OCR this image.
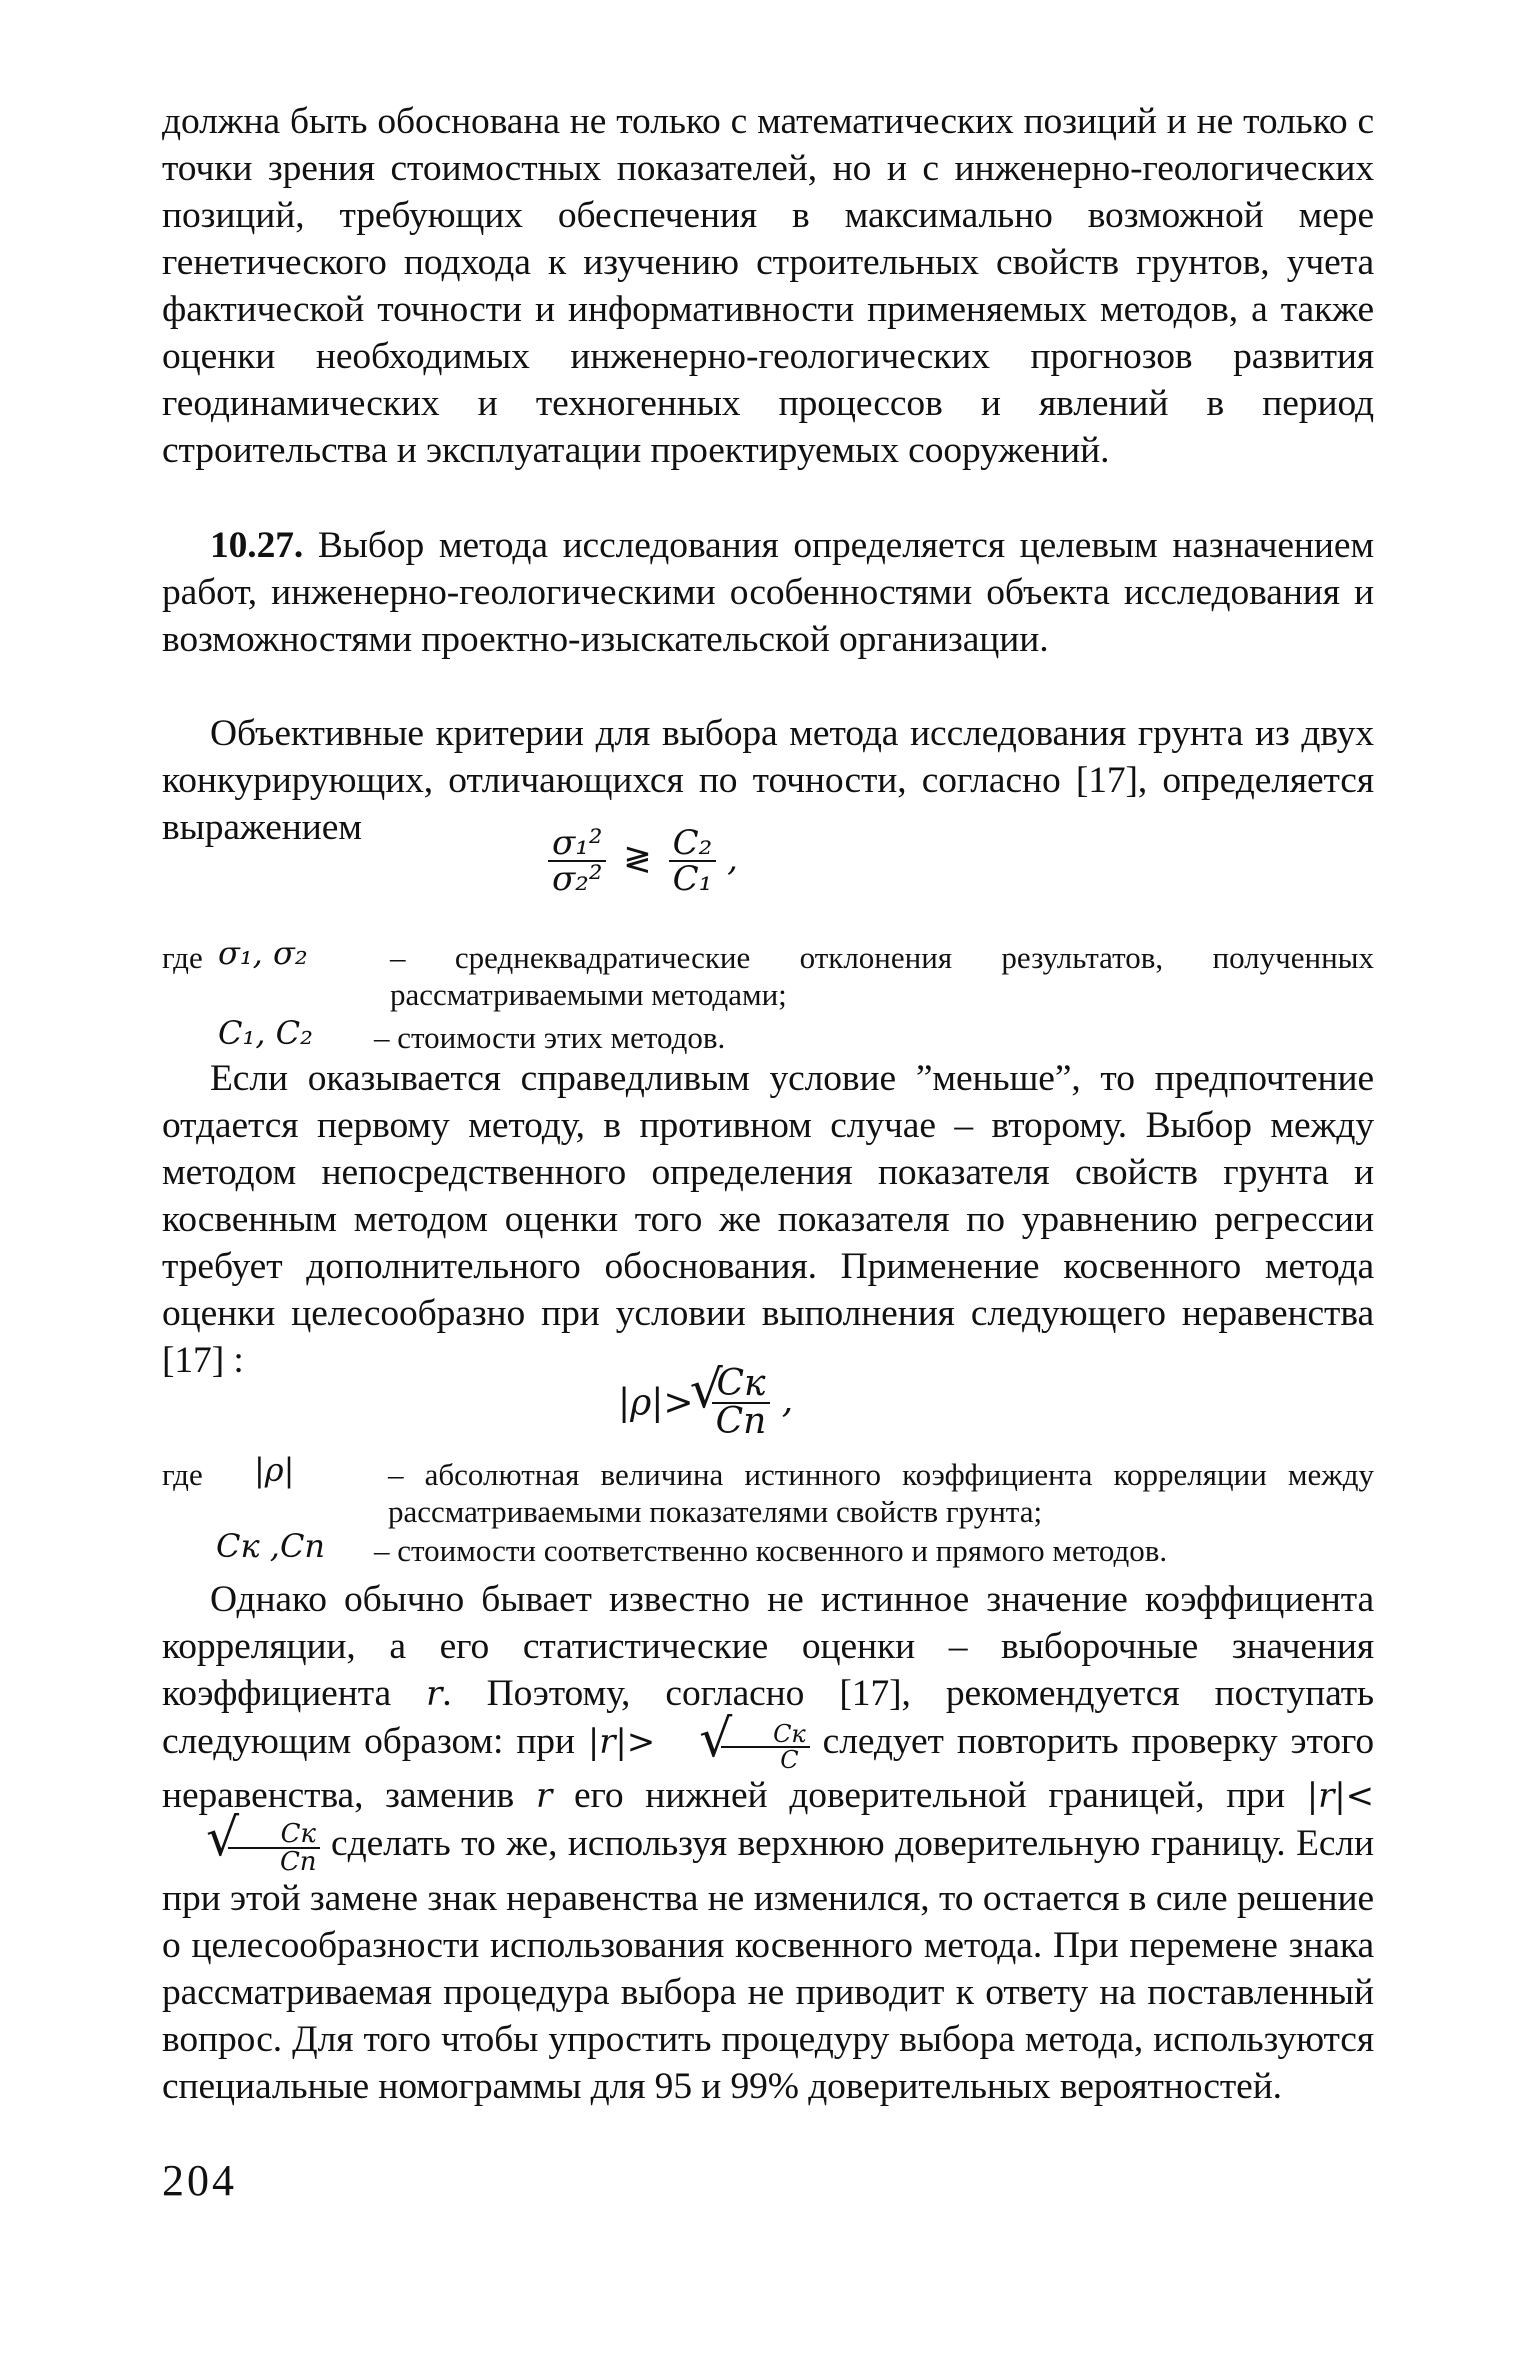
должна быть обоснована не только с математических позиций и не только с точки зрения стоимостных показателей, но и с инженерно-геологических позиций, требующих обеспечения в максимально возможной мере генетического подхода к изучению строительных свойств грунтов, учета фактической точности и информативности применяемых методов, а также оценки необходимых инженерно-геологических прогнозов развития геодинамических и техногенных процессов и явлений в период строительства и эксплуатации проектируемых сооружений.

10.27. Выбор метода исследования определяется целевым назначением работ, инженерно-геологическими особенностями объекта исследования и возможностями проектно-изыскательской организации.

Объективные критерии для выбора метода исследования грунта из двух конкурирующих, отличающихся по точности, согласно [17], определяется выражением	$\frac{\text{σ₁²}}{\text{σ₂²}}$ ≷ $\frac{\text{C₂}}{\text{C₁}}$ ,
где σ₁, σ₂	– среднеквадратические отклонения результатов, полученных рассматриваемыми методами;
C₁, C₂ – стоимости этих методов.

Если оказывается справедливым условие ”меньше”, то предпочтение отдается первому методу, в противном случае – второму. Выбор между методом непосредственного определения показателя свойств грунта и косвенным методом оценки того же показателя по уравнению регрессии требует дополнительного обоснования. Применение косвенного метода оценки целесообразно при условии выполнения следующего неравенства [17] :

|ρ|> √ $\frac{Cк}{Cп}$ ,
где |ρ|	– абсолютная величина истинного коэффициента корреляции между рассматриваемыми показателями свойств грунта;
Cк ,Cп – стоимости соответственно косвенного и прямого методов.

Однако обычно бывает известно не истинное значение коэффициента корреляции, а его статистические оценки – выборочные значения коэффициента r. Поэтому, согласно [17], рекомендуется поступать следующим образом: при |r|>	√ $\frac{Cк}{C}$ следует повторить проверку этого неравенства, заменив r его нижней доверительной границей, при |r|<
√ $\frac{Cк}{Cп}$ сделать то же, используя верхнюю доверительную границу. Если при этой замене знак неравенства не изменился, то остается в силе решение о целесообразности использования косвенного метода. При перемене знака рассматриваемая процедура выбора не приводит к ответу на поставленный вопрос. Для того чтобы упростить процедуру выбора метода, используются специальные номограммы для 95 и 99% доверительных вероятностей.

204
